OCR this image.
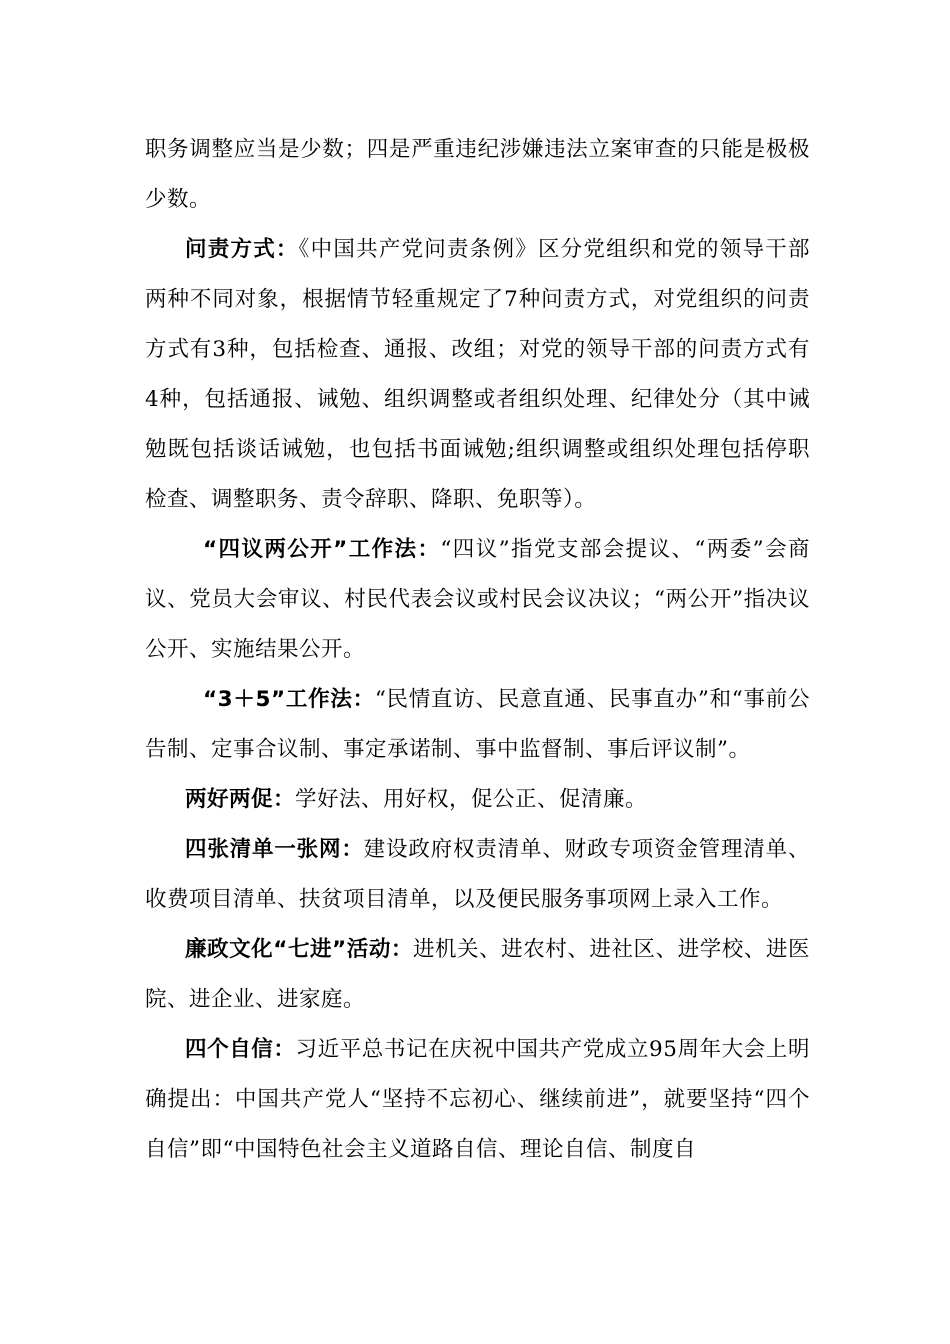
职务调整应当是少数；四是严重违纪涉嫌违法立案审查的只能是极极少数。

问责方式：《中国共产党问责条例》区分党组织和党的领导干部两种不同对象，根据情节轻重规定了7种问责方式，对党组织的问责方式有3种，包括检查、通报、改组；对党的领导干部的问责方式有4种，包括通报、诫勉、组织调整或者组织处理、纪律处分（其中诫勉既包括谈话诫勉，也包括书面诫勉;组织调整或组织处理包括停职检查、调整职务、责令辞职、降职、免职等）。

“四议两公开”工作法：“四议”指党支部会提议、“两委”会商议、党员大会审议、村民代表会议或村民会议决议；“两公开”指决议公开、实施结果公开。

“3＋5”工作法：“民情直访、民意直通、民事直办”和“事前公告制、定事合议制、事定承诺制、事中监督制、事后评议制”。

两好两促：学好法、用好权，促公正、促清廉。

四张清单一张网：建设政府权责清单、财政专项资金管理清单、收费项目清单、扶贫项目清单，以及便民服务事项网上录入工作。

廉政文化“七进”活动：进机关、进农村、进社区、进学校、进医院、进企业、进家庭。

四个自信：习近平总书记在庆祝中国共产党成立95周年大会上明确提出：中国共产党人“坚持不忘初心、继续前进”，就要坚持“四个自信”即“中国特色社会主义道路自信、理论自信、制度自
